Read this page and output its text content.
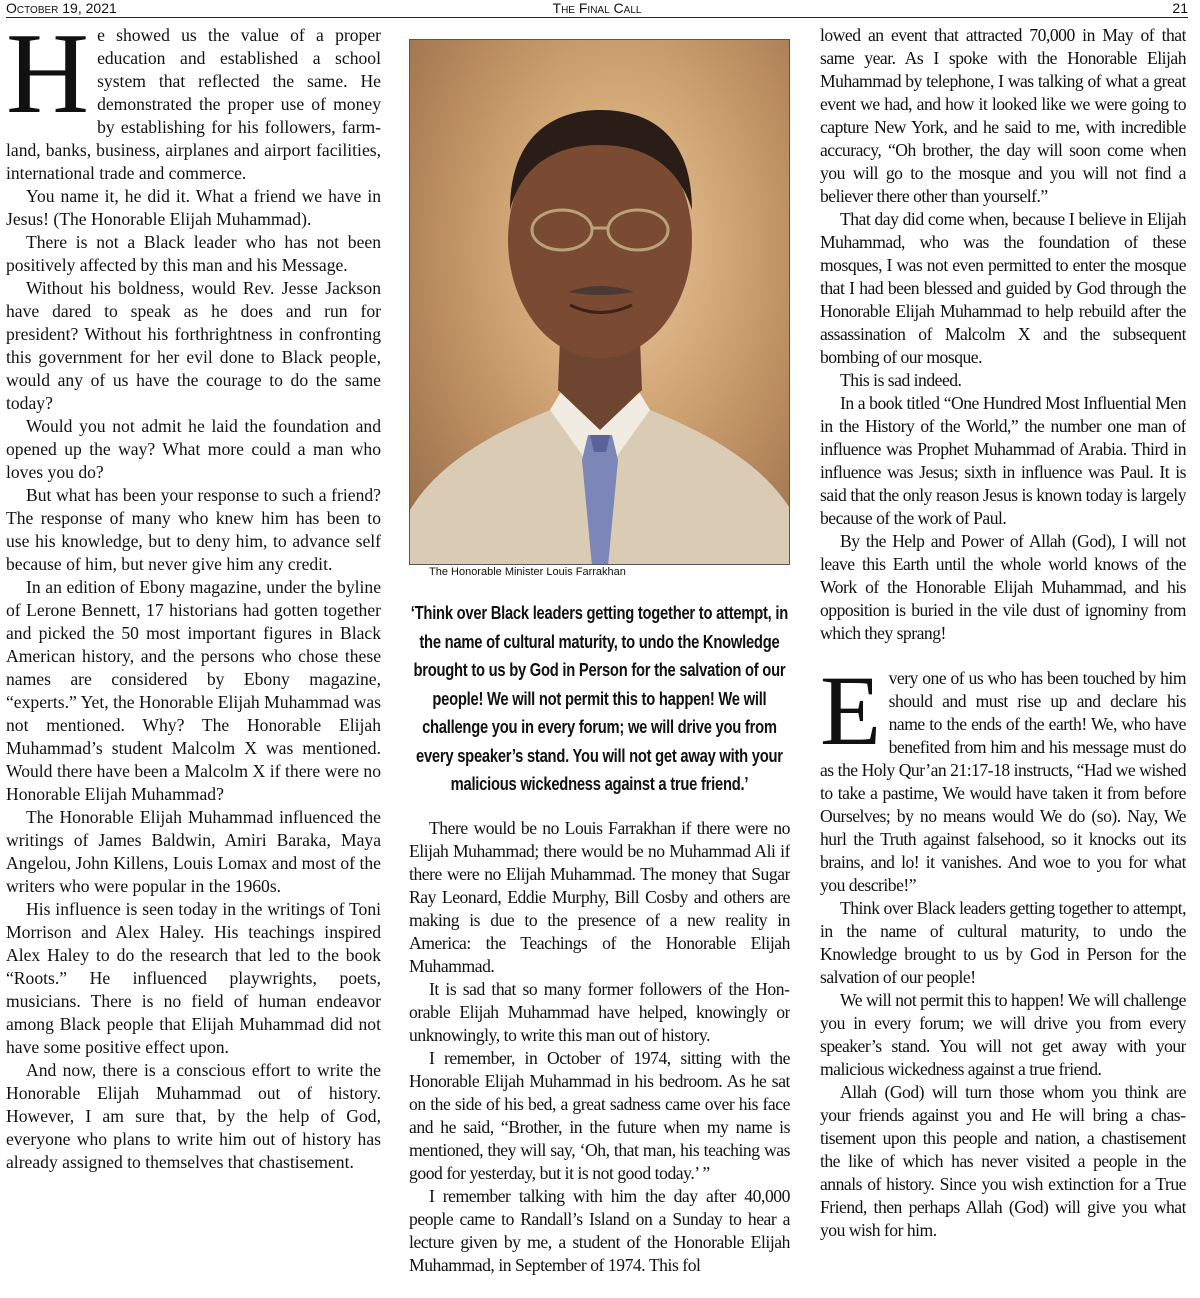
October 19, 2021	The Final Call	21

He showed us the value of a proper education and established a school system that reflected the same. He demonstrated the proper use of money by establishing for his followers, farmland, banks, business, airplanes and airport facilities, international trade and commerce.

You name it, he did it. What a friend we have in Jesus! (The Honorable Elijah Muhammad).

There is not a Black leader who has not been positively affected by this man and his Message.

Without his boldness, would Rev. Jesse Jackson have dared to speak as he does and run for president? Without his forthrightness in confronting this government for her evil done to Black people, would any of us have the courage to do the same today?

Would you not admit he laid the foundation and opened up the way? What more could a man who loves you do?

But what has been your response to such a friend? The response of many who knew him has been to use his knowledge, but to deny him, to advance self because of him, but never give him any credit.

In an edition of Ebony magazine, under the byline of Lerone Bennett, 17 historians had gotten together and picked the 50 most important figures in Black American history, and the persons who chose these names are considered by Ebony magazine, “experts.” Yet, the Honorable Elijah Muhammad was not mentioned. Why? The Honorable Elijah Muhammad’s student Malcolm X was mentioned. Would there have been a Malcolm X if there were no Honorable Elijah Muhammad?

The Honorable Elijah Muhammad influenced the writings of James Baldwin, Amiri Baraka, Maya Angelou, John Killens, Louis Lomax and most of the writers who were popular in the 1960s.

His influence is seen today in the writings of Toni Morrison and Alex Haley. His teachings inspired Alex Haley to do the research that led to the book “Roots.” He influenced playwrights, poets, musicians. There is no field of human endeavor among Black people that Elijah Muhammad did not have some positive effect upon.

And now, there is a conscious effort to write the Honorable Elijah Muhammad out of history. However, I am sure that, by the help of God, everyone who plans to write him out of history has already assigned to themselves that chastisement.

The Honorable Minister Louis Farrakhan

‘Think over Black leaders getting together to attempt, in the name of cultural maturity, to undo the Knowledge brought to us by God in Person for the salvation of our people! We will not permit this to happen! We will challenge you in every forum; we will drive you from every speaker’s stand. You will not get away with your malicious wickedness against a true friend.’

There would be no Louis Farrakhan if there were no Elijah Muhammad; there would be no Muhammad Ali if there were no Elijah Muhammad. The money that Sugar Ray Leonard, Eddie Murphy, Bill Cosby and others are making is due to the presence of a new reality in America: the Teachings of the Honorable Elijah Muhammad.

It is sad that so many former followers of the Honorable Elijah Muhammad have helped, knowingly or unknowingly, to write this man out of history.

I remember, in October of 1974, sitting with the Honorable Elijah Muhammad in his bedroom. As he sat on the side of his bed, a great sadness came over his face and he said, “Brother, in the future when my name is mentioned, they will say, ‘Oh, that man, his teaching was good for yesterday, but it is not good today.’ ”

I remember talking with him the day after 40,000 people came to Randall’s Island on a Sunday to hear a lecture given by me, a student of the Honorable Elijah Muhammad, in September of 1974. This fol

lowed an event that attracted 70,000 in May of that same year. As I spoke with the Honorable Elijah Muhammad by telephone, I was talking of what a great event we had, and how it looked like we were going to capture New York, and he said to me, with incredible accuracy, “Oh brother, the day will soon come when you will go to the mosque and you will not find a believer there other than yourself.”

That day did come when, because I believe in Elijah Muhammad, who was the foundation of these mosques, I was not even permitted to enter the mosque that I had been blessed and guided by God through the Honorable Elijah Muhammad to help rebuild after the assassination of Malcolm X and the subsequent bombing of our mosque.

This is sad indeed.

In a book titled “One Hundred Most Influential Men in the History of the World,” the number one man of influence was Prophet Muhammad of Arabia. Third in influence was Jesus; sixth in influence was Paul. It is said that the only reason Jesus is known today is largely because of the work of Paul.

By the Help and Power of Allah (God), I will not leave this Earth until the whole world knows of the Work of the Honorable Elijah Muhammad, and his opposition is buried in the vile dust of ignominy from which they sprang!

Every one of us who has been touched by him should and must rise up and declare his name to the ends of the earth! We, who have benefited from him and his message must do as the Holy Qur’an 21:17-18 instructs, “Had we wished to take a pastime, We would have taken it from before Ourselves; by no means would We do (so). Nay, We hurl the Truth against falsehood, so it knocks out its brains, and lo! it vanishes. And woe to you for what you describe!”

Think over Black leaders getting together to attempt, in the name of cultural maturity, to undo the Knowledge brought to us by God in Person for the salvation of our people!

We will not permit this to happen! We will challenge you in every forum; we will drive you from every speaker’s stand. You will not get away with your malicious wickedness against a true friend.

Allah (God) will turn those whom you think are your friends against you and He will bring a chastisement upon this people and nation, a chastisement the like of which has never visited a people in the annals of history. Since you wish extinction for a True Friend, then perhaps Allah (God) will give you what you wish for him.
